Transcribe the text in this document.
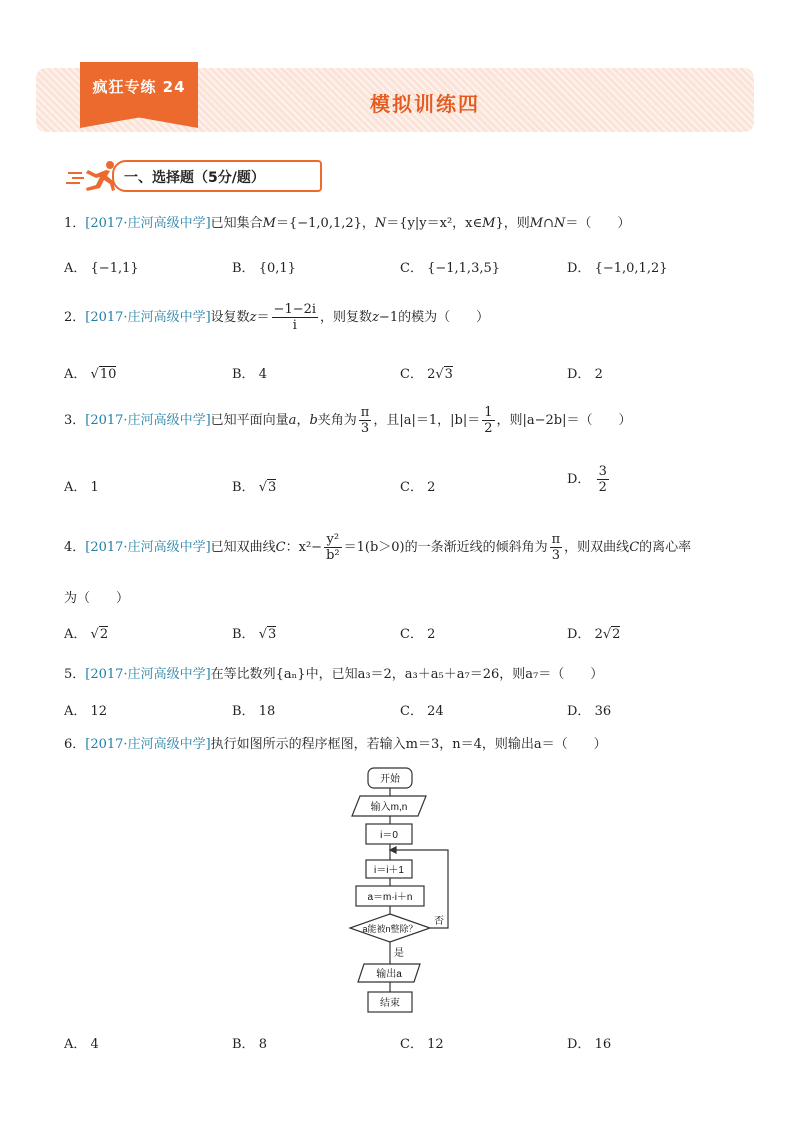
疯狂专练 24
模拟训练四
一、选择题（5分/题）
1．[2017·庄河高级中学]已知集合M＝{−1,0,1,2}，N＝{y|y＝x²，x∈M}，则M∩N＝（　　）
A． {−1,1}	B． {0,1}	C． {−1,1,3,5}	D． {−1,0,1,2}
2．[2017·庄河高级中学]设复数$z= \frac{-1-2i}{i}$ ，则复数z−1的模为（　　）
A． √10	B． 4	C． 2√3	D． 2
3．[2017·庄河高级中学]已知平面向量a，b夹角为 $\frac{\pi}{3}$ ，且|a|＝1，$|b|= \frac{1}{2}$ ，则|a−2b|＝（　　）
A． 1	B． √3	C． 2
D． $\frac{3}{2}$
4．[2017·庄河高级中学]已知双曲线C：$x^2- \frac{\text{y²}}{\text{b²}} =1(b>0)$的一条渐近线的倾斜角为 $\frac{\pi}{3}$ ，则双曲线C的离心率
为（　　）
A． √2	B． √3	C． 2	D． 2√2
5．[2017·庄河高级中学]在等比数列{aₙ}中，已知a₃＝2，a₃＋a₅＋a₇＝26，则a₇＝（　　）
A． 12	B． 18	C． 24	D． 36
6．[2017·庄河高级中学]执行如图所示的程序框图，若输入m＝3，n＝4，则输出a＝（　　）
开始
输入m,n
i＝0
i＝i＋1
a＝m·i＋n
a能被n整除？
否
是
输出a
结束
A． 4	B． 8	C． 12	D． 16
